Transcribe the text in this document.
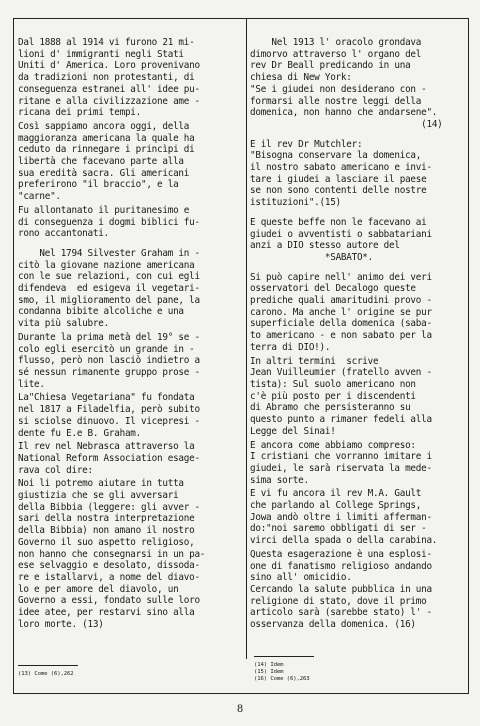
Dal 1888 al 1914 vi furono 21 mi-
lioni d' immigranti negli Stati
Uniti d' America. Loro provenivano
da tradizioni non protestanti, di
conseguenza estranei all' idee pu-
ritane e alla civilizzazione ame -
ricana dei primi tempi.

Così sappiamo ancora oggi, della
maggioranza americana la quale ha
ceduto da rinnegare i princìpi di
libertà che facevano parte alla
sua eredità sacra. Gli americani
preferirono "il braccio", e la
"carne".

Fu allontanato il puritanesimo e
di conseguenza i dogmi biblici fu-
rono accantonati.

Nel 1794 Silvester Graham in -
citò la giovane nazione americana
con le sue relazioni, con cui egli
difendeva  ed esigeva il vegetari-
smo, il miglioramento del pane, la
condanna bibite alcoliche e una
vita più salubre.

Durante la prima metà del 19° se -
colo egli esercitò un grande in -
flusso, però non lasciò indietro a
sé nessun rimanente gruppo prose -
lite.

La"Chiesa Vegetariana" fu fondata
nel 1817 a Filadelfia, però subito
si sciolse dinuovo. Il vicepresi -
dente fu E.e B. Graham.

Il rev nel Nebrasca attraverso la
National Reform Association esage-
rava col dire:

Noi li potremo aiutare in tutta
giustizia che se gli avversari
della Bibbia (leggere: gli avver -
sari della nostra interpretazione
della Bibbia) non amano il nostro
Governo il suo aspetto religioso,
non hanno che consegnarsi in un pa-
ese selvaggio e desolato, dissoda-
re e istallarvi, a nome del diavo-
lo e per amore del diavolo, un
Governo a essi, fondato sulle loro
idee atee, per restarvi sino alla
loro morte. (13)

Nel 1913 l' oracolo grondava
dimorvo attraverso l' organo del
rev Dr Beall predicando in una
chiesa di New York:
"Se i giudei non desiderano con -
formarsi alle nostre leggi della
domenica, non hanno che andarsene".
(14)

E il rev Dr Mutchler:
"Bisogna conservare la domenica,
il nostro sabato americano e invi-
tare i giudei a lasciare il paese
se non sono contenti delle nostre
istituzioni".(15)

E queste beffe non le facevano ai
giudei o avventisti o sabbatariani
anzi a DIO stesso autore del
*SABATO*.

Si può capire nell' animo dei veri
osservatori del Decalogo queste
prediche quali amaritudini provo -
carono. Ma anche l' origine se pur
superficiale della domenica (saba-
to americano - e non sabato per la
terra di DIO!).

In altri termini  scrive
Jean Vuilleumier (fratello avven -
tista): Sul suolo americano non
c'è più posto per i discendenti
di Abramo che persisteranno su
questo punto a rimaner fedeli alla
Legge del Sinai!

E ancora come abbiamo compreso:
I cristiani che vorranno imitare i
giudei, le sarà riservata la mede-
sima sorte.

E vi fu ancora il rev M.A. Gault
che parlando al College Springs,
Jowa andò oltre i limiti afferman-
do:"noi saremo obbligati di ser -
virci della spada o della carabina.

Questa esagerazione è una esplosi-
one di fanatismo religioso andando
sino all' omicidio.
Cercando la salute pubblica in una
religione di stato, dove il primo
articolo sarà (sarebbe stato) l' -
osservanza della domenica. (16)

(13) Come (6),262
(14) Idem
(15) Idem
(16) Come (6),263
8
